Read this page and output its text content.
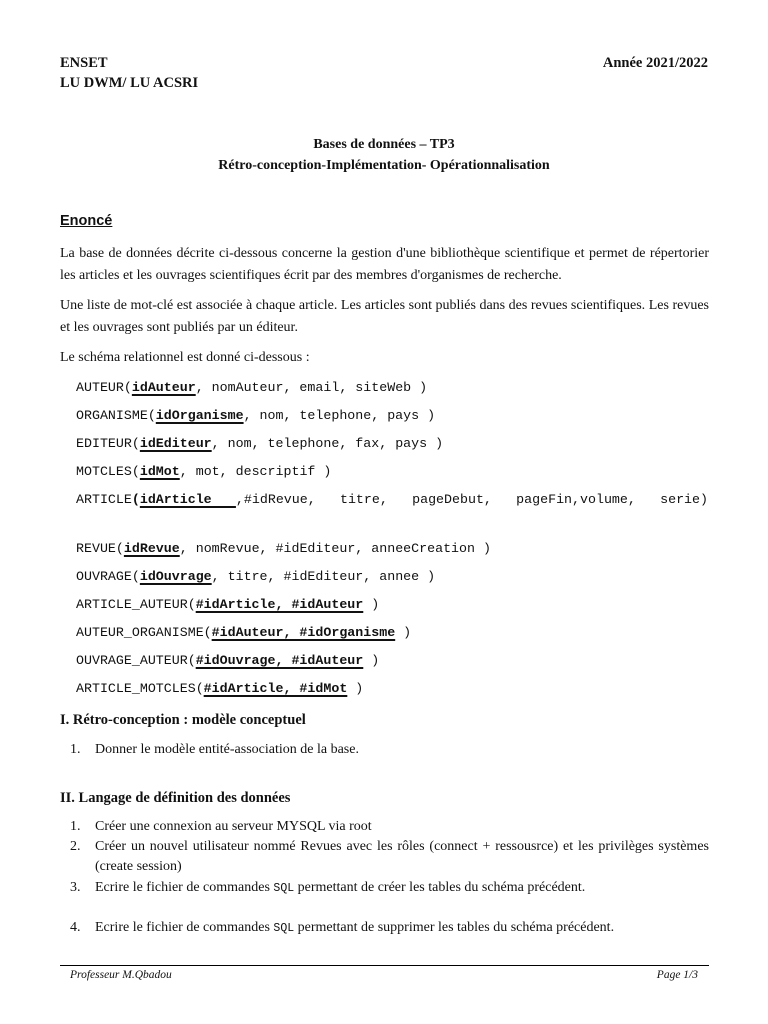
ENSET
LU DWM/ LU ACSRI
Année 2021/2022
Bases de données – TP3
Rétro-conception-Implémentation- Opérationnalisation
Enoncé
La base de données décrite ci-dessous concerne la gestion d'une bibliothèque scientifique et permet de répertorier les articles et les ouvrages scientifiques écrit par des membres d'organismes de recherche.
Une liste de mot-clé est associée à chaque article. Les articles sont publiés dans des revues scientifiques. Les revues et les ouvrages sont publiés par un éditeur.
Le schéma relationnel est donné ci-dessous :
AUTEUR(idAuteur, nomAuteur, email, siteWeb )
ORGANISME(idOrganisme, nom, telephone, pays )
EDITEUR(idEditeur, nom, telephone, fax, pays )
MOTCLES(idMot, mot, descriptif )
ARTICLE(idArticle ,#idRevue, titre, pageDebut, pageFin,volume, serie)
REVUE(idRevue, nomRevue, #idEditeur, anneeCreation )
OUVRAGE(idOuvrage, titre, #idEditeur, annee )
ARTICLE_AUTEUR(#idArticle, #idAuteur )
AUTEUR_ORGANISME(#idAuteur, #idOrganisme )
OUVRAGE_AUTEUR(#idOuvrage, #idAuteur )
ARTICLE_MOTCLES(#idArticle, #idMot )
I. Rétro-conception : modèle conceptuel
1. Donner le modèle entité-association de la base.
II. Langage de définition des données
1. Créer une connexion au serveur MYSQL via root
2. Créer un nouvel utilisateur nommé Revues avec les rôles (connect + ressousrce) et les privilèges systèmes (create session)
3. Ecrire le fichier de commandes SQL permettant de créer les tables du schéma précédent.
4. Ecrire le fichier de commandes SQL permettant de supprimer les tables du schéma précédent.
Professeur M.Qbadou	Page 1/3
